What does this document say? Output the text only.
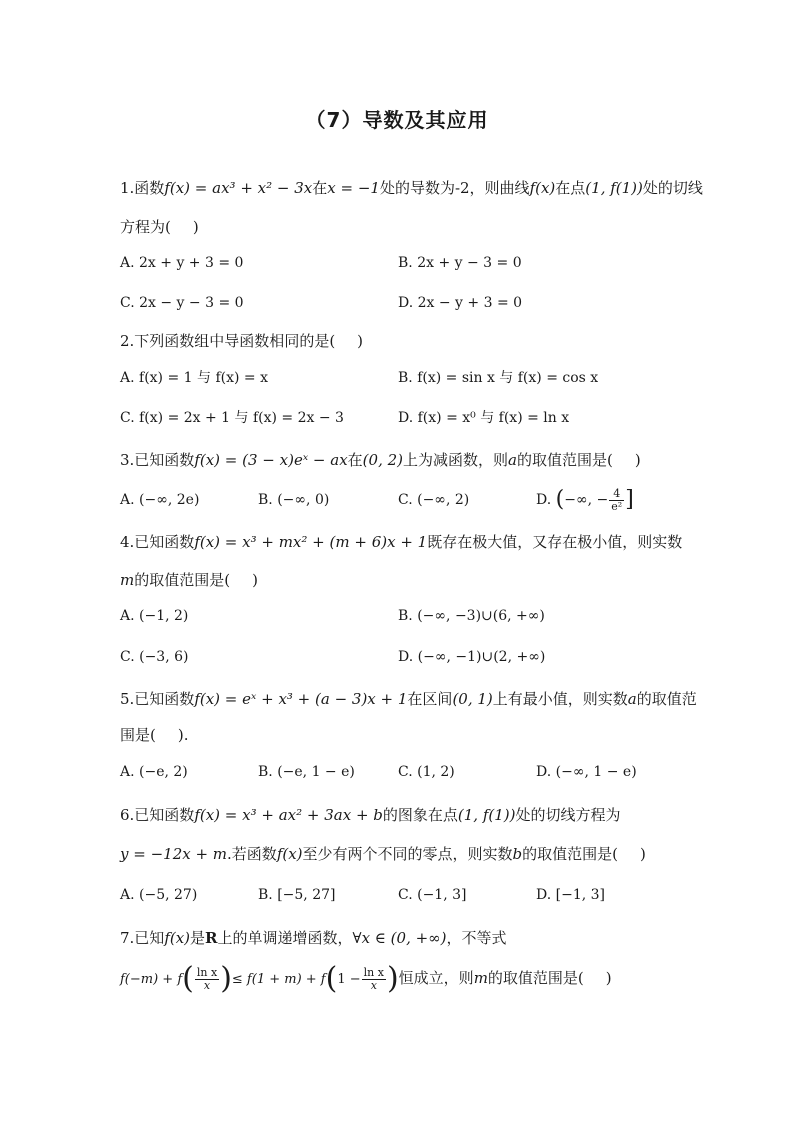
（7）导数及其应用
1.函数f(x) = ax³ + x² − 3x在x = −1处的导数为-2，则曲线f(x)在点(1, f(1))处的切线
方程为( )
A. 2x + y + 3 = 0	B. 2x + y − 3 = 0
C. 2x − y − 3 = 0	D. 2x − y + 3 = 0
2.下列函数组中导函数相同的是( )
A. f(x) = 1 与 f(x) = x	B. f(x) = sin x 与 f(x) = cos x
C. f(x) = 2x + 1 与 f(x) = 2x − 3	D. f(x) = x⁰ 与 f(x) = ln x
3.已知函数f(x) = (3 − x)eˣ − ax在(0, 2)上为减函数，则a的取值范围是( )
A. (−∞, 2e)	B. (−∞, 0)	C. (−∞, 2)	D. (−∞, − $\frac{4}{\text{e²}}$ ]
4.已知函数f(x) = x³ + mx² + (m + 6)x + 1既存在极大值，又存在极小值，则实数
m的取值范围是( )
A. (−1, 2)	B. (−∞, −3)∪(6, +∞)
C. (−3, 6)	D. (−∞, −1)∪(2, +∞)
5.已知函数f(x) = eˣ + x³ + (a − 3)x + 1在区间(0, 1)上有最小值，则实数a的取值范
围是( ).
A. (−e, 2)	B. (−e, 1 − e)	C. (1, 2)	D. (−∞, 1 − e)
6.已知函数f(x) = x³ + ax² + 3ax + b的图象在点(1, f(1))处的切线方程为
y = −12x + m.若函数f(x)至少有两个不同的零点，则实数b的取值范围是( )
A. (−5, 27)	B. [−5, 27]	C. (−1, 3]	D. [−1, 3]
7.已知f(x)是R上的单调递增函数，∀x ∈ (0, +∞)，不等式
$f(-m) + f( \frac{\text{ln x}}{x}$ )≤ $f(1 + m) + f(1 - \frac{\text{ln x}}{x}$ )恒成立，则m的取值范围是( )
